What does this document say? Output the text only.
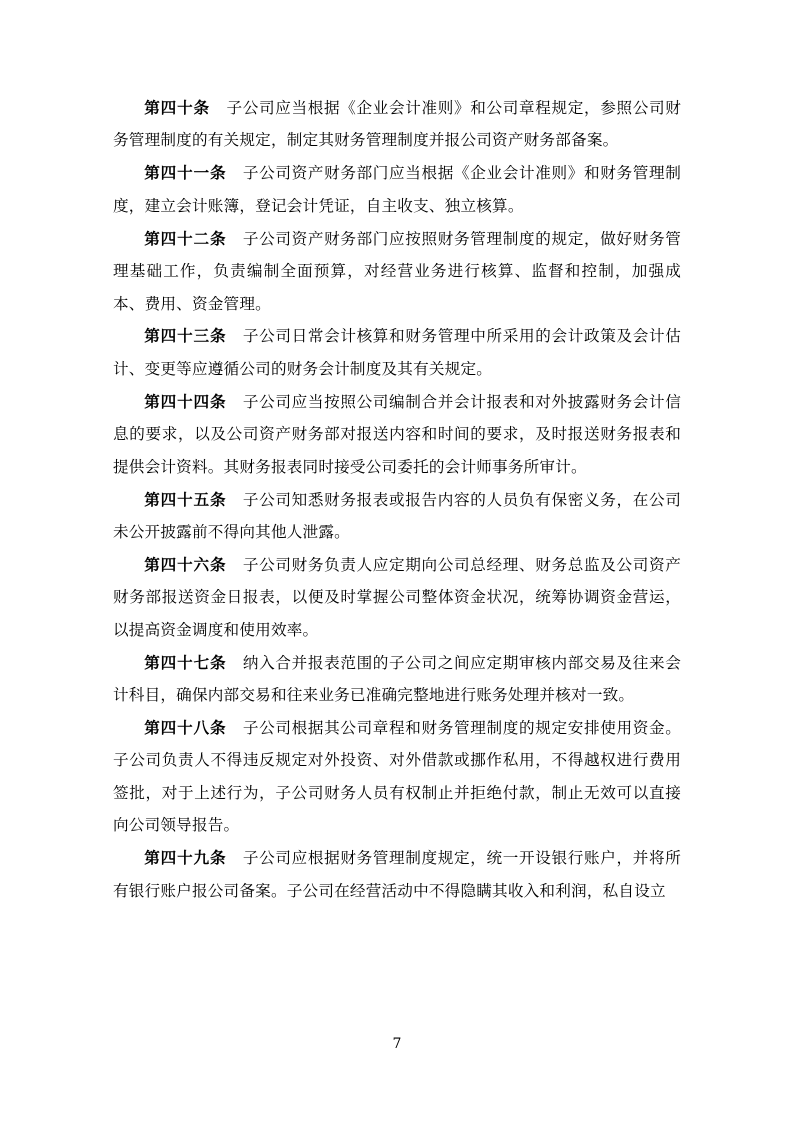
第四十条 子公司应当根据《企业会计准则》和公司章程规定，参照公司财务管理制度的有关规定，制定其财务管理制度并报公司资产财务部备案。

第四十一条 子公司资产财务部门应当根据《企业会计准则》和财务管理制度，建立会计账簿，登记会计凭证，自主收支、独立核算。

第四十二条 子公司资产财务部门应按照财务管理制度的规定，做好财务管理基础工作，负责编制全面预算，对经营业务进行核算、监督和控制，加强成本、费用、资金管理。

第四十三条 子公司日常会计核算和财务管理中所采用的会计政策及会计估计、变更等应遵循公司的财务会计制度及其有关规定。

第四十四条 子公司应当按照公司编制合并会计报表和对外披露财务会计信息的要求，以及公司资产财务部对报送内容和时间的要求，及时报送财务报表和提供会计资料。其财务报表同时接受公司委托的会计师事务所审计。

第四十五条 子公司知悉财务报表或报告内容的人员负有保密义务，在公司未公开披露前不得向其他人泄露。

第四十六条 子公司财务负责人应定期向公司总经理、财务总监及公司资产财务部报送资金日报表，以便及时掌握公司整体资金状况，统筹协调资金营运，以提高资金调度和使用效率。

第四十七条 纳入合并报表范围的子公司之间应定期审核内部交易及往来会计科目，确保内部交易和往来业务已准确完整地进行账务处理并核对一致。

第四十八条 子公司根据其公司章程和财务管理制度的规定安排使用资金。子公司负责人不得违反规定对外投资、对外借款或挪作私用，不得越权进行费用签批，对于上述行为，子公司财务人员有权制止并拒绝付款，制止无效可以直接向公司领导报告。

第四十九条 子公司应根据财务管理制度规定，统一开设银行账户，并将所有银行账户报公司备案。子公司在经营活动中不得隐瞒其收入和利润，私自设立

7
